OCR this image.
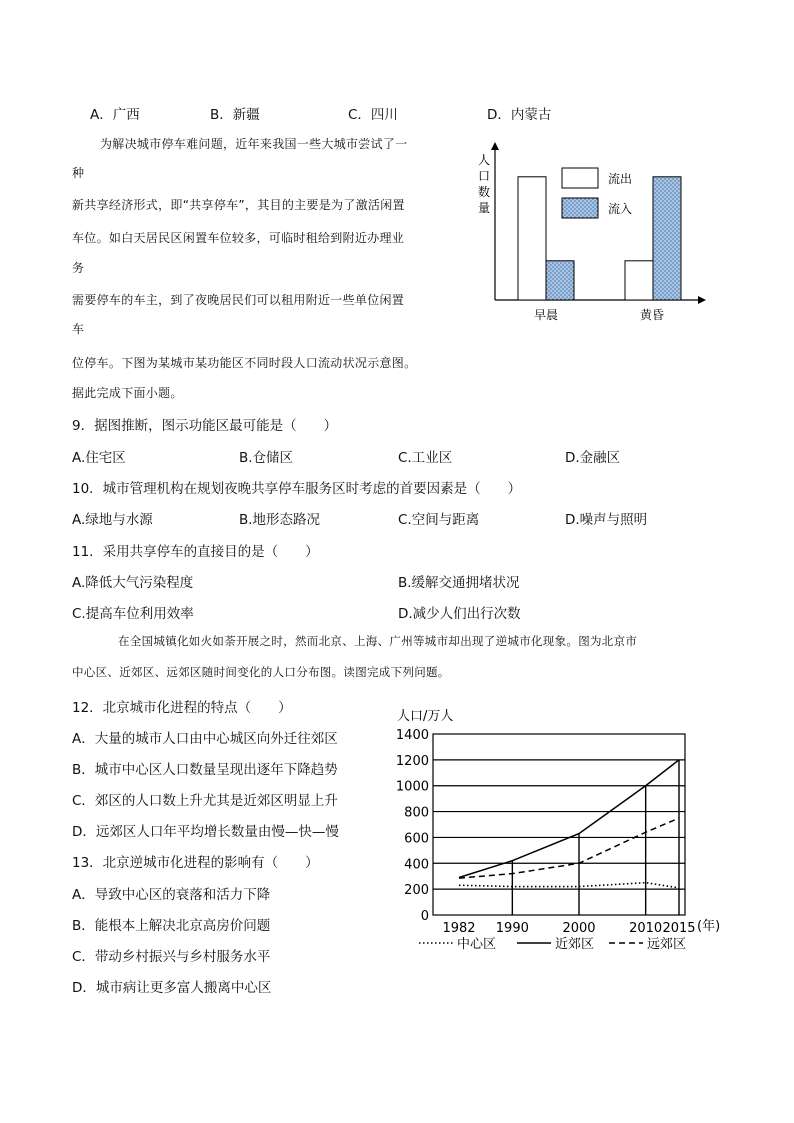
A．广西	B．新疆	C．四川	D．内蒙古
为解决城市停车难问题，近年来我国一些大城市尝试了一
种
新共享经济形式，即“共享停车”，其目的主要是为了激活闲置
车位。如白天居民区闲置车位较多，可临时租给到附近办理业
务
需要停车的车主，到了夜晚居民们可以租用附近一些单位闲置
车
位停车。下图为某城市某功能区不同时段人口流动状况示意图。
据此完成下面小题。
人
口
数
量
流出
流入
早晨	黄昏
9．据图推断，图示功能区最可能是（　　）
A.住宅区	B.仓储区	C.工业区	D.金融区
10．城市管理机构在规划夜晚共享停车服务区时考虑的首要因素是（　　）
A.绿地与水源	B.地形态路况	C.空间与距离	D.噪声与照明
11．采用共享停车的直接目的是（　　）
A.降低大气污染程度	B.缓解交通拥堵状况
C.提高车位利用效率	D.减少人们出行次数
在全国城镇化如火如荼开展之时，然而北京、上海、广州等城市却出现了逆城市化现象。图为北京市
中心区、近郊区、远郊区随时间变化的人口分布图。读图完成下列问题。
12．北京城市化进程的特点（　　）
A．大量的城市人口由中心城区向外迁往郊区
B．城市中心区人口数量呈现出逐年下降趋势
C．郊区的人口数上升尤其是近郊区明显上升
D．远郊区人口年平均增长数量由慢—快—慢
13．北京逆城市化进程的影响有（　　）
A．导致中心区的衰落和活力下降
B．能根本上解决北京高房价问题
C．带动乡村振兴与乡村服务水平
D．城市病让更多富人搬离中心区
人口/万人
0
200
400
600
800
1000
1200
1400
1982 1990	2000	2010 2015 (年)
中心区	近郊区	远郊区
